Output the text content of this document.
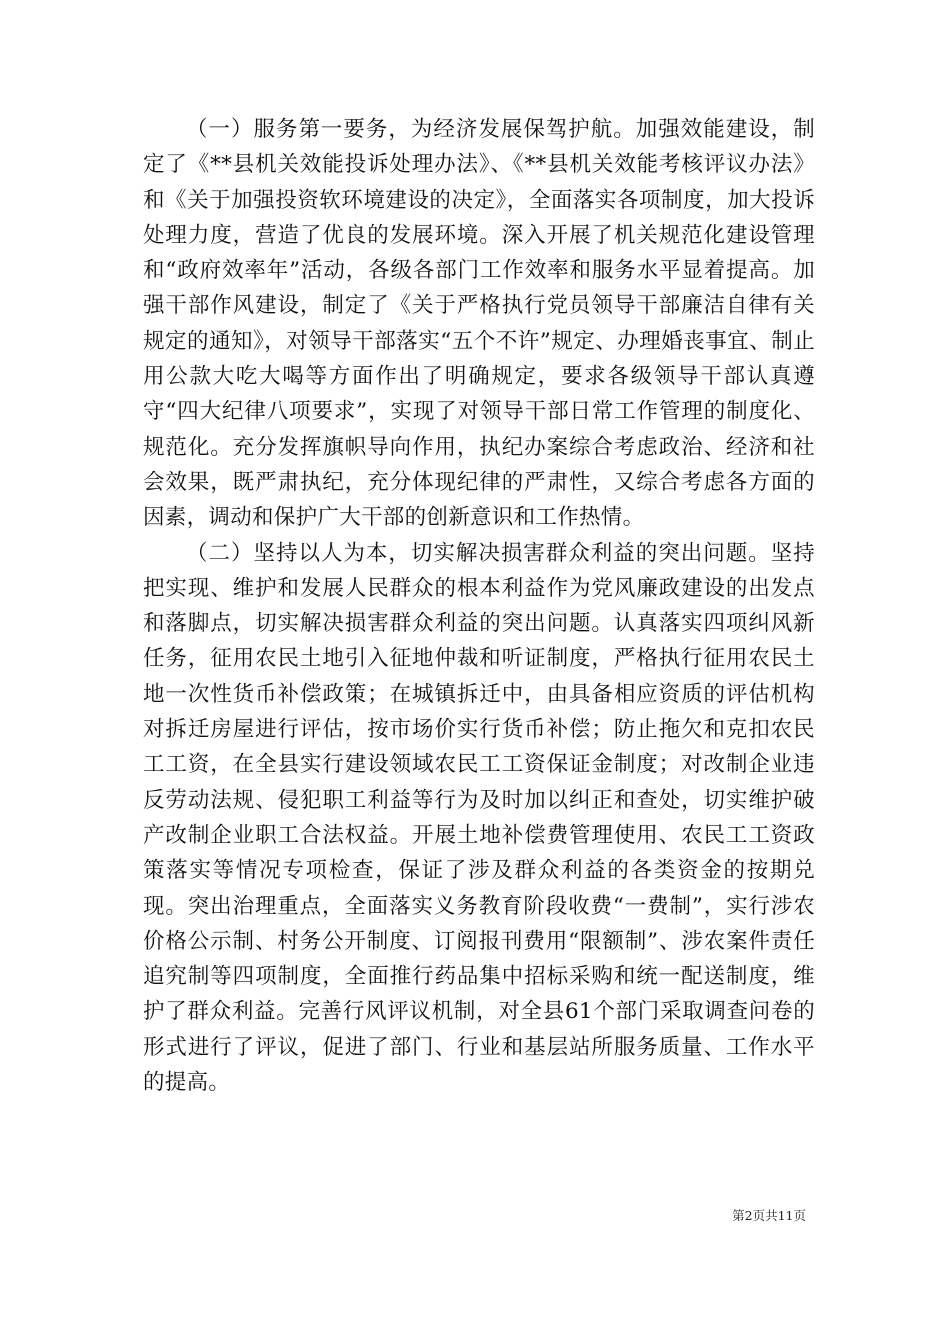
（一）服务第一要务，为经济发展保驾护航。加强效能建设，制定了《**县机关效能投诉处理办法》、《**县机关效能考核评议办法》和《关于加强投资软环境建设的决定》，全面落实各项制度，加大投诉处理力度，营造了优良的发展环境。深入开展了机关规范化建设管理和“政府效率年”活动，各级各部门工作效率和服务水平显着提高。加强干部作风建设，制定了《关于严格执行党员领导干部廉洁自律有关规定的通知》，对领导干部落实“五个不许”规定、办理婚丧事宜、制止用公款大吃大喝等方面作出了明确规定，要求各级领导干部认真遵守“四大纪律八项要求”，实现了对领导干部日常工作管理的制度化、规范化。充分发挥旗帜导向作用，执纪办案综合考虑政治、经济和社会效果，既严肃执纪，充分体现纪律的严肃性，又综合考虑各方面的因素，调动和保护广大干部的创新意识和工作热情。

（二）坚持以人为本，切实解决损害群众利益的突出问题。坚持把实现、维护和发展人民群众的根本利益作为党风廉政建设的出发点和落脚点，切实解决损害群众利益的突出问题。认真落实四项纠风新任务，征用农民土地引入征地仲裁和听证制度，严格执行征用农民土地一次性货币补偿政策；在城镇拆迁中，由具备相应资质的评估机构对拆迁房屋进行评估，按市场价实行货币补偿；防止拖欠和克扣农民工工资，在全县实行建设领域农民工工资保证金制度；对改制企业违反劳动法规、侵犯职工利益等行为及时加以纠正和查处，切实维护破产改制企业职工合法权益。开展土地补偿费管理使用、农民工工资政策落实等情况专项检查，保证了涉及群众利益的各类资金的按期兑现。突出治理重点，全面落实义务教育阶段收费“一费制”，实行涉农价格公示制、村务公开制度、订阅报刊费用“限额制”、涉农案件责任追究制等四项制度，全面推行药品集中招标采购和统一配送制度，维护了群众利益。完善行风评议机制，对全县61个部门采取调查问卷的形式进行了评议，促进了部门、行业和基层站所服务质量、工作水平的提高。

第2页共11页
